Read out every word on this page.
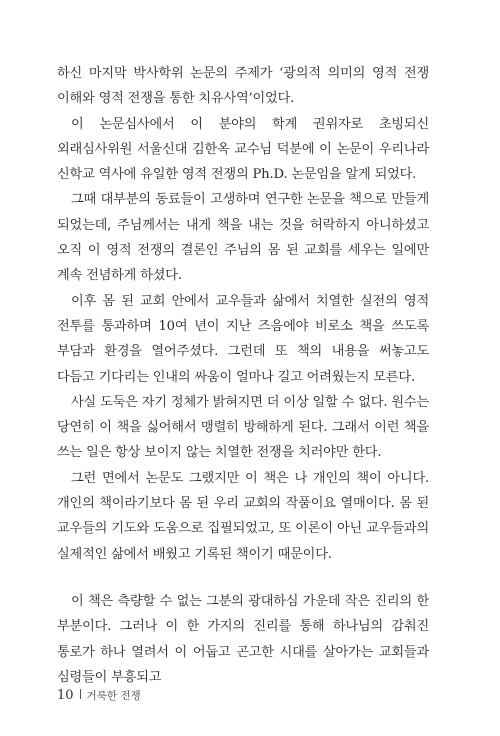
하신 마지막 박사학위 논문의 주제가 ‘광의적 의미의 영적 전쟁 이해와 영적 전쟁을 통한 치유사역’이었다.

이 논문심사에서 이 분야의 학계 권위자로 초빙되신 외래심사위원 서울신대 김한옥 교수님 덕분에 이 논문이 우리나라 신학교 역사에 유일한 영적 전쟁의 Ph.D. 논문임을 알게 되었다.

그때 대부분의 동료들이 고생하며 연구한 논문을 책으로 만들게 되었는데, 주님께서는 내게 책을 내는 것을 허락하지 아니하셨고 오직 이 영적 전쟁의 결론인 주님의 몸 된 교회를 세우는 일에만 계속 전념하게 하셨다.

이후 몸 된 교회 안에서 교우들과 삶에서 치열한 실전의 영적 전투를 통과하며 10여 년이 지난 즈음에야 비로소 책을 쓰도록 부담과 환경을 열어주셨다. 그런데 또 책의 내용을 써놓고도 다듬고 기다리는 인내의 싸움이 얼마나 길고 어려웠는지 모른다.

사실 도둑은 자기 정체가 밝혀지면 더 이상 일할 수 없다. 원수는 당연히 이 책을 싫어해서 맹렬히 방해하게 된다. 그래서 이런 책을 쓰는 일은 항상 보이지 않는 치열한 전쟁을 치러야만 한다.

그런 면에서 논문도 그랬지만 이 책은 나 개인의 책이 아니다. 개인의 책이라기보다 몸 된 우리 교회의 작품이요 열매이다. 몸 된 교우들의 기도와 도움으로 집필되었고, 또 이론이 아닌 교우들과의 실제적인 삶에서 배웠고 기록된 책이기 때문이다.

이 책은 측량할 수 없는 그분의 광대하심 가운데 작은 진리의 한 부분이다. 그러나 이 한 가지의 진리를 통해 하나님의 감춰진 통로가 하나 열려서 이 어둡고 곤고한 시대를 살아가는 교회들과 심령들이 부흥되고

10 거룩한 전쟁
